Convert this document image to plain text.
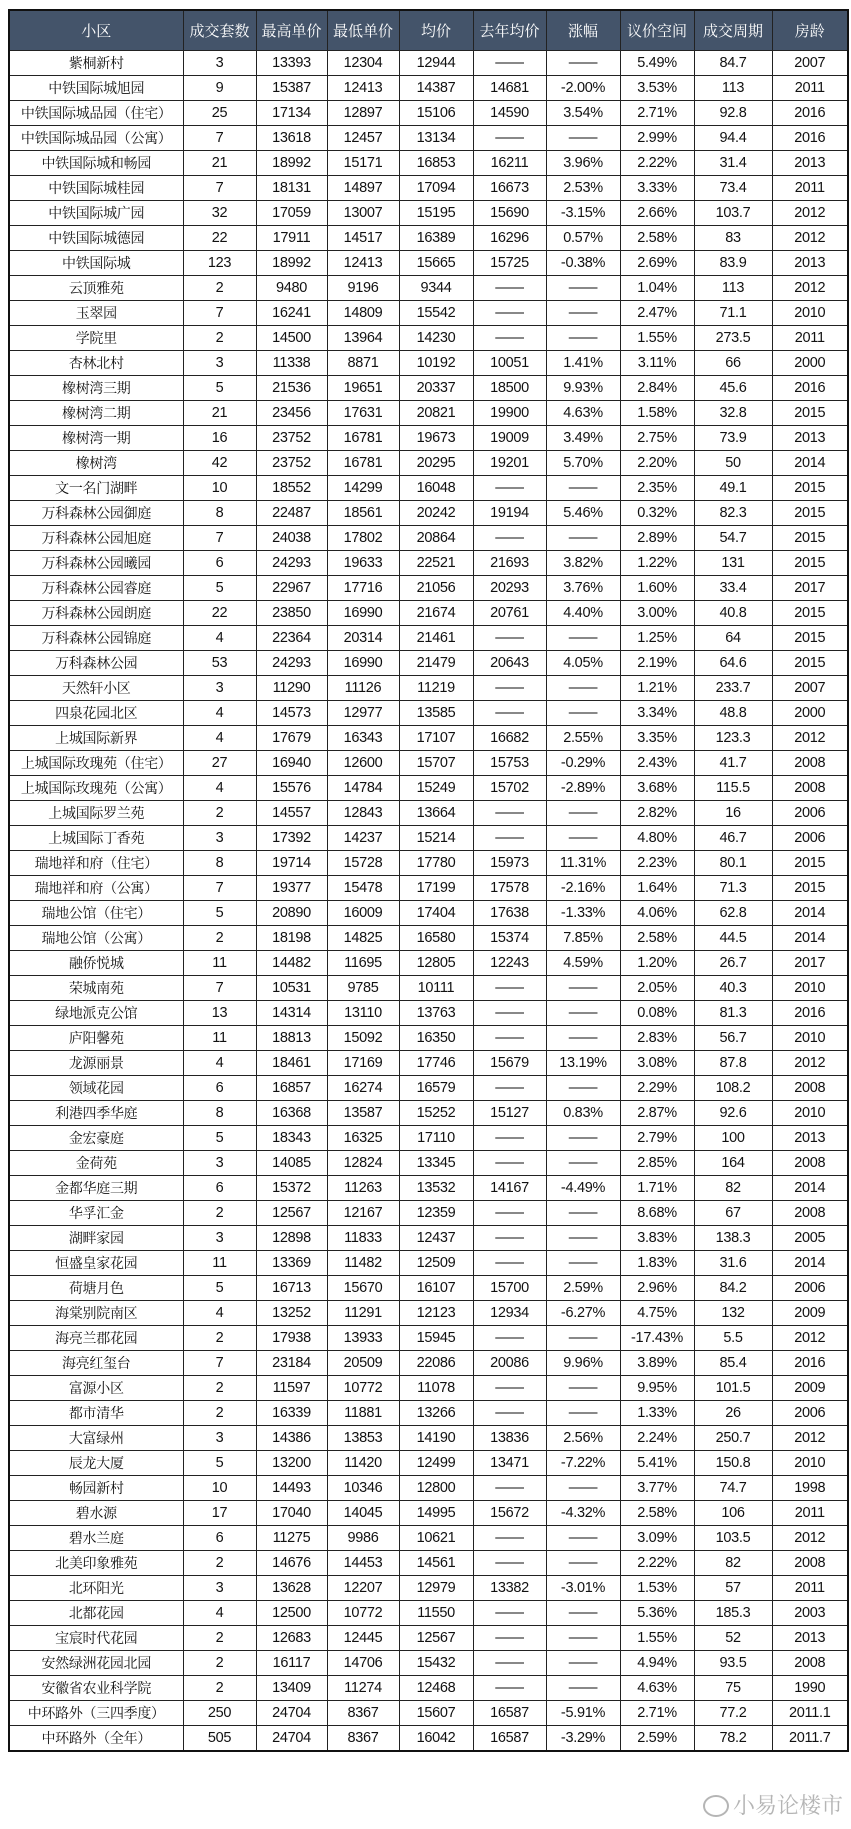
小区	成交套数	最高单价	最低单价	均价	去年均价	涨幅	议价空间	成交周期	房龄
紫桐新村	3	13393	12304	12944	——	——	5.49%	84.7	2007
中铁国际城旭园	9	15387	12413	14387	14681	-2.00%	3.53%	113	2011
中铁国际城品园（住宅）	25	17134	12897	15106	14590	3.54%	2.71%	92.8	2016
中铁国际城品园（公寓）	7	13618	12457	13134	——	——	2.99%	94.4	2016
中铁国际城和畅园	21	18992	15171	16853	16211	3.96%	2.22%	31.4	2013
中铁国际城桂园	7	18131	14897	17094	16673	2.53%	3.33%	73.4	2011
中铁国际城广园	32	17059	13007	15195	15690	-3.15%	2.66%	103.7	2012
中铁国际城德园	22	17911	14517	16389	16296	0.57%	2.58%	83	2012
中铁国际城	123	18992	12413	15665	15725	-0.38%	2.69%	83.9	2013
云顶雅苑	2	9480	9196	9344	——	——	1.04%	113	2012
玉翠园	7	16241	14809	15542	——	——	2.47%	71.1	2010
学院里	2	14500	13964	14230	——	——	1.55%	273.5	2011
杏林北村	3	11338	8871	10192	10051	1.41%	3.11%	66	2000
橡树湾三期	5	21536	19651	20337	18500	9.93%	2.84%	45.6	2016
橡树湾二期	21	23456	17631	20821	19900	4.63%	1.58%	32.8	2015
橡树湾一期	16	23752	16781	19673	19009	3.49%	2.75%	73.9	2013
橡树湾	42	23752	16781	20295	19201	5.70%	2.20%	50	2014
文一名门湖畔	10	18552	14299	16048	——	——	2.35%	49.1	2015
万科森林公园御庭	8	22487	18561	20242	19194	5.46%	0.32%	82.3	2015
万科森林公园旭庭	7	24038	17802	20864	——	——	2.89%	54.7	2015
万科森林公园曦园	6	24293	19633	22521	21693	3.82%	1.22%	131	2015
万科森林公园睿庭	5	22967	17716	21056	20293	3.76%	1.60%	33.4	2017
万科森林公园朗庭	22	23850	16990	21674	20761	4.40%	3.00%	40.8	2015
万科森林公园锦庭	4	22364	20314	21461	——	——	1.25%	64	2015
万科森林公园	53	24293	16990	21479	20643	4.05%	2.19%	64.6	2015
天然轩小区	3	11290	11126	11219	——	——	1.21%	233.7	2007
四泉花园北区	4	14573	12977	13585	——	——	3.34%	48.8	2000
上城国际新界	4	17679	16343	17107	16682	2.55%	3.35%	123.3	2012
上城国际玫瑰苑（住宅）	27	16940	12600	15707	15753	-0.29%	2.43%	41.7	2008
上城国际玫瑰苑（公寓）	4	15576	14784	15249	15702	-2.89%	3.68%	115.5	2008
上城国际罗兰苑	2	14557	12843	13664	——	——	2.82%	16	2006
上城国际丁香苑	3	17392	14237	15214	——	——	4.80%	46.7	2006
瑞地祥和府（住宅）	8	19714	15728	17780	15973	11.31%	2.23%	80.1	2015
瑞地祥和府（公寓）	7	19377	15478	17199	17578	-2.16%	1.64%	71.3	2015
瑞地公馆（住宅）	5	20890	16009	17404	17638	-1.33%	4.06%	62.8	2014
瑞地公馆（公寓）	2	18198	14825	16580	15374	7.85%	2.58%	44.5	2014
融侨悦城	11	14482	11695	12805	12243	4.59%	1.20%	26.7	2017
荣城南苑	7	10531	9785	10111	——	——	2.05%	40.3	2010
绿地派克公馆	13	14314	13110	13763	——	——	0.08%	81.3	2016
庐阳馨苑	11	18813	15092	16350	——	——	2.83%	56.7	2010
龙源丽景	4	18461	17169	17746	15679	13.19%	3.08%	87.8	2012
领域花园	6	16857	16274	16579	——	——	2.29%	108.2	2008
利港四季华庭	8	16368	13587	15252	15127	0.83%	2.87%	92.6	2010
金宏豪庭	5	18343	16325	17110	——	——	2.79%	100	2013
金荷苑	3	14085	12824	13345	——	——	2.85%	164	2008
金都华庭三期	6	15372	11263	13532	14167	-4.49%	1.71%	82	2014
华孚汇金	2	12567	12167	12359	——	——	8.68%	67	2008
湖畔家园	3	12898	11833	12437	——	——	3.83%	138.3	2005
恒盛皇家花园	11	13369	11482	12509	——	——	1.83%	31.6	2014
荷塘月色	5	16713	15670	16107	15700	2.59%	2.96%	84.2	2006
海棠别院南区	4	13252	11291	12123	12934	-6.27%	4.75%	132	2009
海亮兰郡花园	2	17938	13933	15945	——	——	-17.43%	5.5	2012
海亮红玺台	7	23184	20509	22086	20086	9.96%	3.89%	85.4	2016
富源小区	2	11597	10772	11078	——	——	9.95%	101.5	2009
都市清华	2	16339	11881	13266	——	——	1.33%	26	2006
大富绿州	3	14386	13853	14190	13836	2.56%	2.24%	250.7	2012
辰龙大厦	5	13200	11420	12499	13471	-7.22%	5.41%	150.8	2010
畅园新村	10	14493	10346	12800	——	——	3.77%	74.7	1998
碧水源	17	17040	14045	14995	15672	-4.32%	2.58%	106	2011
碧水兰庭	6	11275	9986	10621	——	——	3.09%	103.5	2012
北美印象雅苑	2	14676	14453	14561	——	——	2.22%	82	2008
北环阳光	3	13628	12207	12979	13382	-3.01%	1.53%	57	2011
北都花园	4	12500	10772	11550	——	——	5.36%	185.3	2003
宝宸时代花园	2	12683	12445	12567	——	——	1.55%	52	2013
安然绿洲花园北园	2	16117	14706	15432	——	——	4.94%	93.5	2008
安徽省农业科学院	2	13409	11274	12468	——	——	4.63%	75	1990
中环路外（三四季度）	250	24704	8367	15607	16587	-5.91%	2.71%	77.2	2011.1
中环路外（全年）	505	24704	8367	16042	16587	-3.29%	2.59%	78.2	2011.7
小易论楼市
